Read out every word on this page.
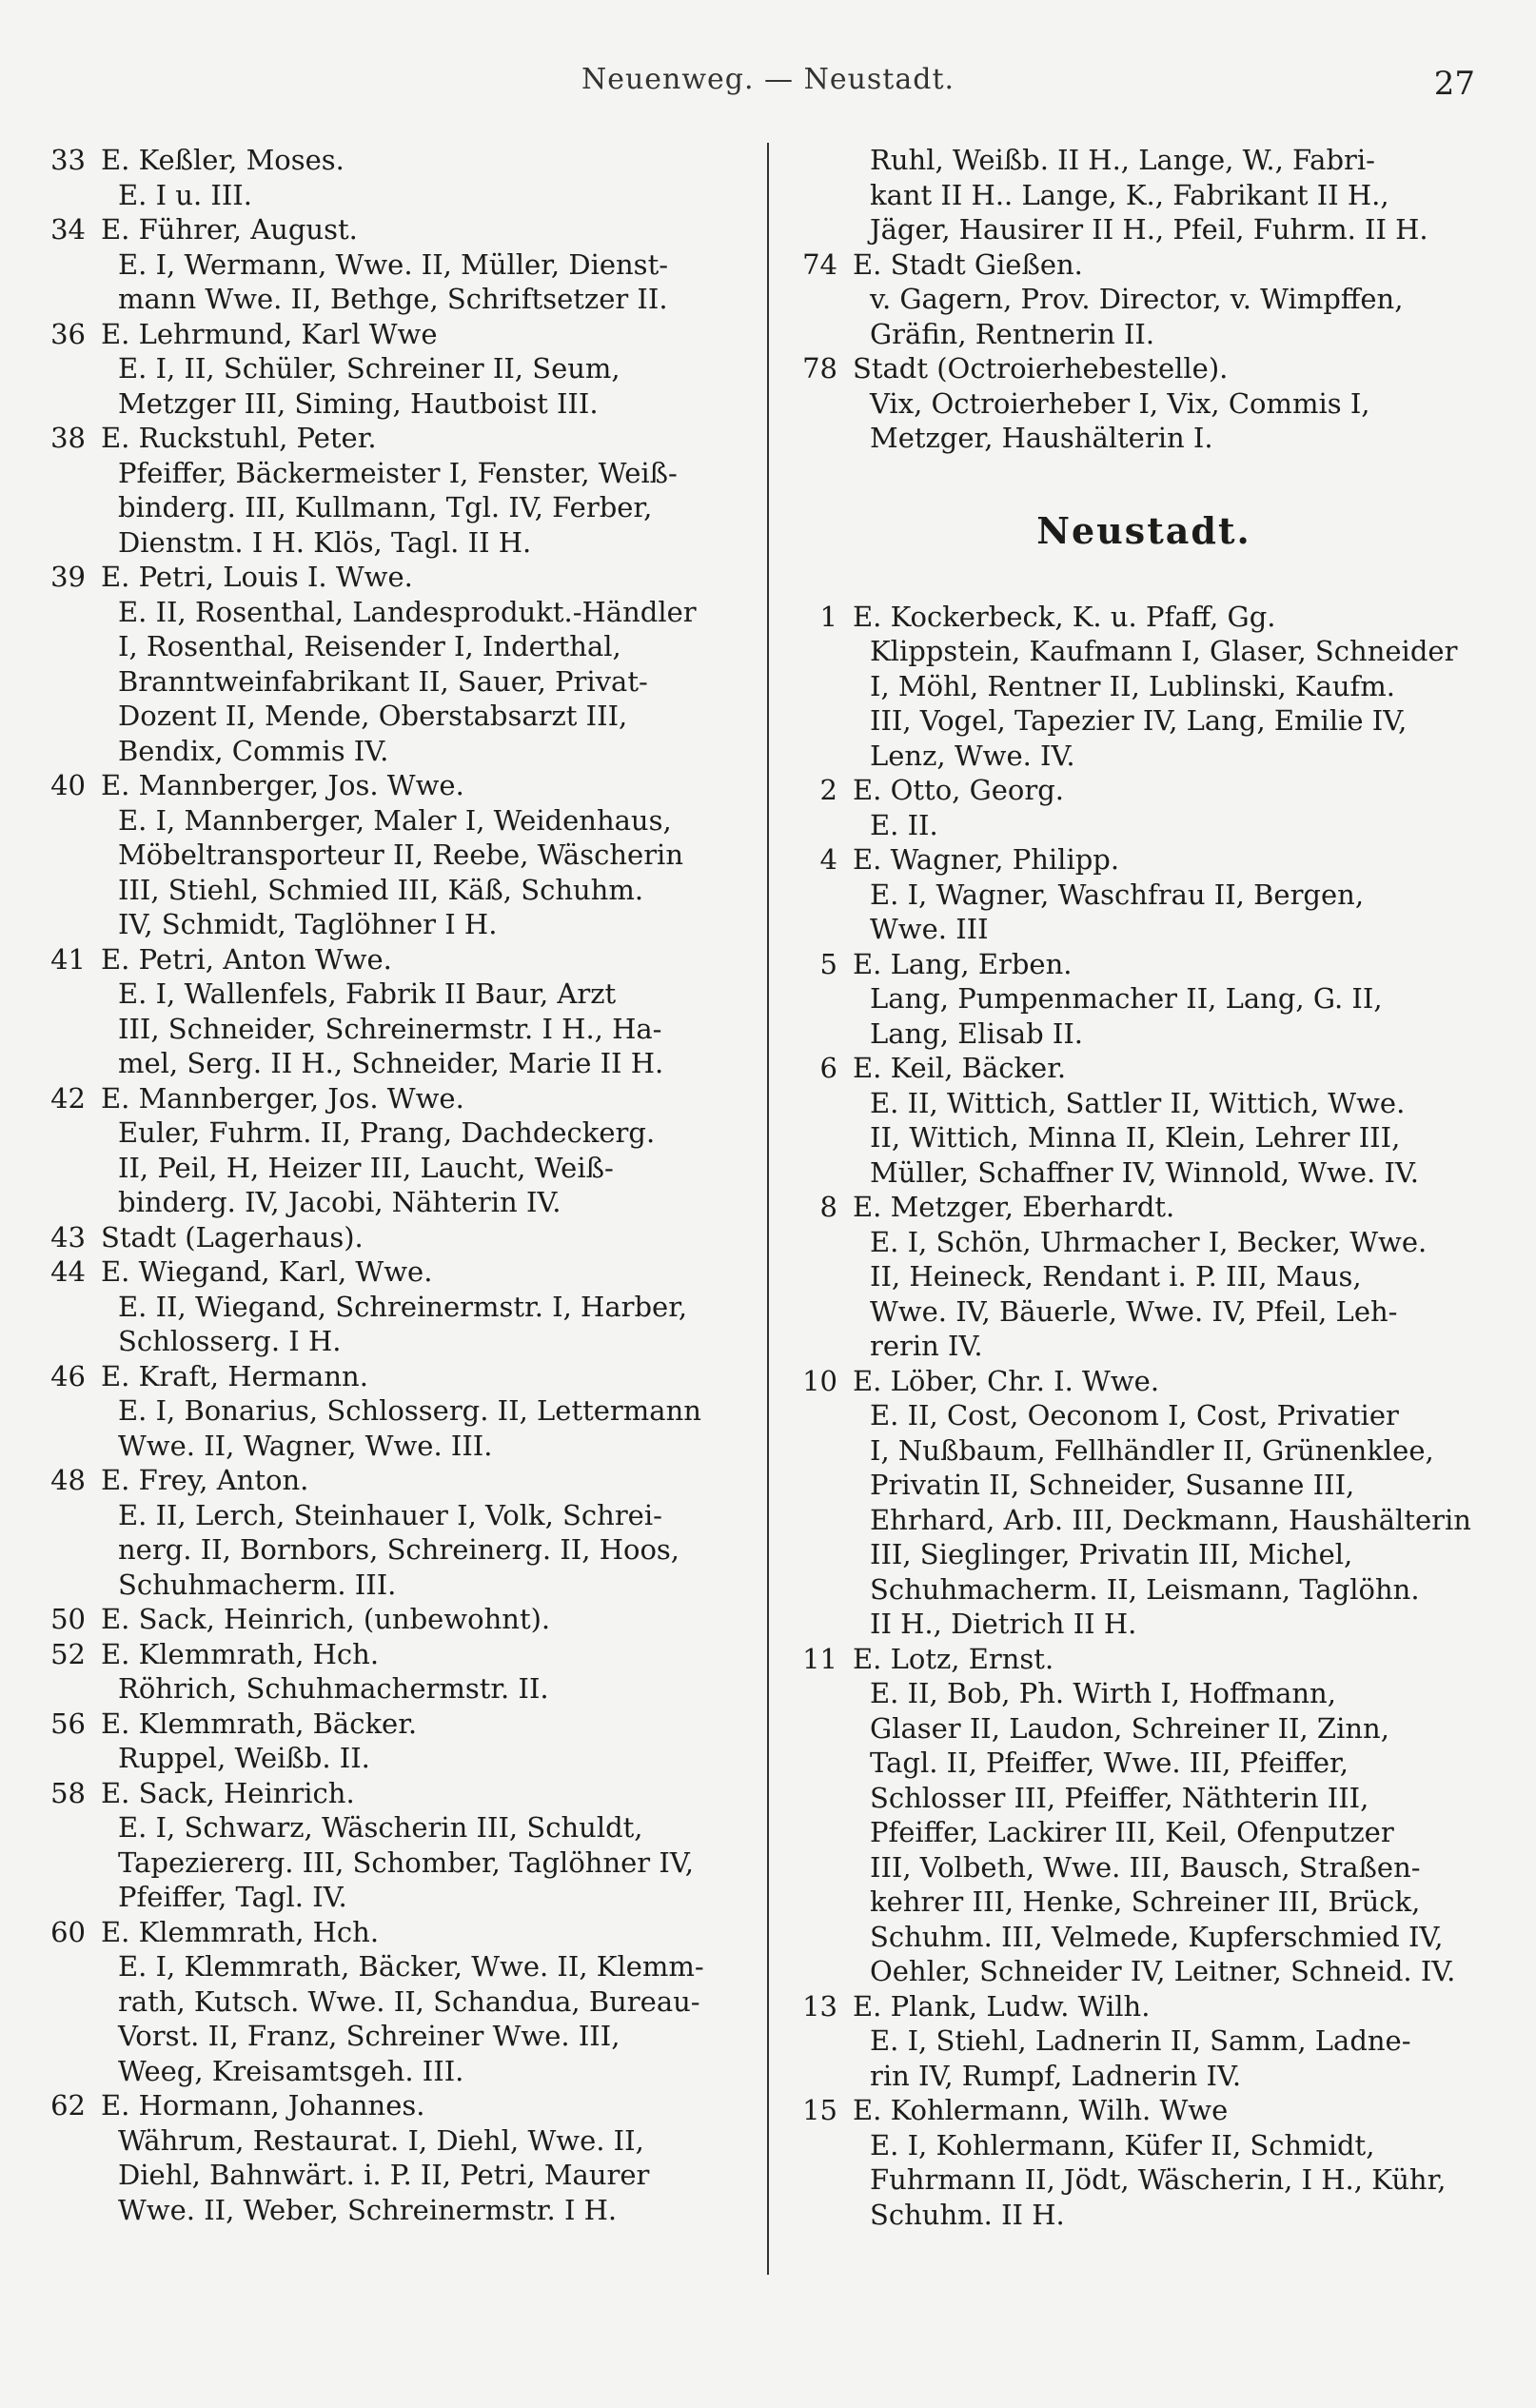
Neuenweg. — Neustadt.	27
33 E. Keßler, Moses.
E. I u. III.
34 E. Führer, August.
E. I, Wermann, Wwe. II, Müller, Dienst-
mann Wwe. II, Bethge, Schriftsetzer II.
36 E. Lehrmund, Karl Wwe
E. I, II, Schüler, Schreiner II, Seum,
Metzger III, Siming, Hautboist III.
38 E. Ruckstuhl, Peter.
Pfeiffer, Bäckermeister I, Fenster, Weiß-
binderg. III, Kullmann, Tgl. IV, Ferber,
Dienstm. I H. Klös, Tagl. II H.
39 E. Petri, Louis I. Wwe.
E. II, Rosenthal, Landesprodukt.-Händler
I, Rosenthal, Reisender I, Inderthal,
Branntweinfabrikant II, Sauer, Privat-
Dozent II, Mende, Oberstabsarzt III,
Bendix, Commis IV.
40 E. Mannberger, Jos. Wwe.
E. I, Mannberger, Maler I, Weidenhaus,
Möbeltransporteur II, Reebe, Wäscherin
III, Stiehl, Schmied III, Käß, Schuhm.
IV, Schmidt, Taglöhner I H.
41 E. Petri, Anton Wwe.
E. I, Wallenfels, Fabrik II Baur, Arzt
III, Schneider, Schreinermstr. I H., Ha-
mel, Serg. II H., Schneider, Marie II H.
42 E. Mannberger, Jos. Wwe.
Euler, Fuhrm. II, Prang, Dachdeckerg.
II, Peil, H, Heizer III, Laucht, Weiß-
binderg. IV, Jacobi, Nähterin IV.
43 Stadt (Lagerhaus).
44 E. Wiegand, Karl, Wwe.
E. II, Wiegand, Schreinermstr. I, Harber,
Schlosserg. I H.
46 E. Kraft, Hermann.
E. I, Bonarius, Schlosserg. II, Lettermann
Wwe. II, Wagner, Wwe. III.
48 E. Frey, Anton.
E. II, Lerch, Steinhauer I, Volk, Schrei-
nerg. II, Bornbors, Schreinerg. II, Hoos,
Schuhmacherm. III.
50 E. Sack, Heinrich, (unbewohnt).
52 E. Klemmrath, Hch.
Röhrich, Schuhmachermstr. II.
56 E. Klemmrath, Bäcker.
Ruppel, Weißb. II.
58 E. Sack, Heinrich.
E. I, Schwarz, Wäscherin III, Schuldt,
Tapeziererg. III, Schomber, Taglöhner IV,
Pfeiffer, Tagl. IV.
60 E. Klemmrath, Hch.
E. I, Klemmrath, Bäcker, Wwe. II, Klemm-
rath, Kutsch. Wwe. II, Schandua, Bureau-
Vorst. II, Franz, Schreiner Wwe. III,
Weeg, Kreisamtsgeh. III.
62 E. Hormann, Johannes.
Währum, Restaurat. I, Diehl, Wwe. II,
Diehl, Bahnwärt. i. P. II, Petri, Maurer
Wwe. II, Weber, Schreinermstr. I H.
Ruhl, Weißb. II H., Lange, W., Fabri-
kant II H.. Lange, K., Fabrikant II H.,
Jäger, Hausirer II H., Pfeil, Fuhrm. II H.
74 E. Stadt Gießen.
v. Gagern, Prov. Director, v. Wimpffen,
Gräfin, Rentnerin II.
78 Stadt (Octroierhebestelle).
Vix, Octroierheber I, Vix, Commis I,
Metzger, Haushälterin I.
Neustadt.
1 E. Kockerbeck, K. u. Pfaff, Gg.
Klippstein, Kaufmann I, Glaser, Schneider
I, Möhl, Rentner II, Lublinski, Kaufm.
III, Vogel, Tapezier IV, Lang, Emilie IV,
Lenz, Wwe. IV.
2 E. Otto, Georg.
E. II.
4 E. Wagner, Philipp.
E. I, Wagner, Waschfrau II, Bergen,
Wwe. III
5 E. Lang, Erben.
Lang, Pumpenmacher II, Lang, G. II,
Lang, Elisab II.
6 E. Keil, Bäcker.
E. II, Wittich, Sattler II, Wittich, Wwe.
II, Wittich, Minna II, Klein, Lehrer III,
Müller, Schaffner IV, Winnold, Wwe. IV.
8 E. Metzger, Eberhardt.
E. I, Schön, Uhrmacher I, Becker, Wwe.
II, Heineck, Rendant i. P. III, Maus,
Wwe. IV, Bäuerle, Wwe. IV, Pfeil, Leh-
rerin IV.
10 E. Löber, Chr. I. Wwe.
E. II, Cost, Oeconom I, Cost, Privatier
I, Nußbaum, Fellhändler II, Grünenklee,
Privatin II, Schneider, Susanne III,
Ehrhard, Arb. III, Deckmann, Haushälterin
III, Sieglinger, Privatin III, Michel,
Schuhmacherm. II, Leismann, Taglöhn.
II H., Dietrich II H.
11 E. Lotz, Ernst.
E. II, Bob, Ph. Wirth I, Hoffmann,
Glaser II, Laudon, Schreiner II, Zinn,
Tagl. II, Pfeiffer, Wwe. III, Pfeiffer,
Schlosser III, Pfeiffer, Näthterin III,
Pfeiffer, Lackirer III, Keil, Ofenputzer
III, Volbeth, Wwe. III, Bausch, Straßen-
kehrer III, Henke, Schreiner III, Brück,
Schuhm. III, Velmede, Kupferschmied IV,
Oehler, Schneider IV, Leitner, Schneid. IV.
13 E. Plank, Ludw. Wilh.
E. I, Stiehl, Ladnerin II, Samm, Ladne-
rin IV, Rumpf, Ladnerin IV.
15 E. Kohlermann, Wilh. Wwe
E. I, Kohlermann, Küfer II, Schmidt,
Fuhrmann II, Jödt, Wäscherin, I H., Kühr,
Schuhm. II H.
